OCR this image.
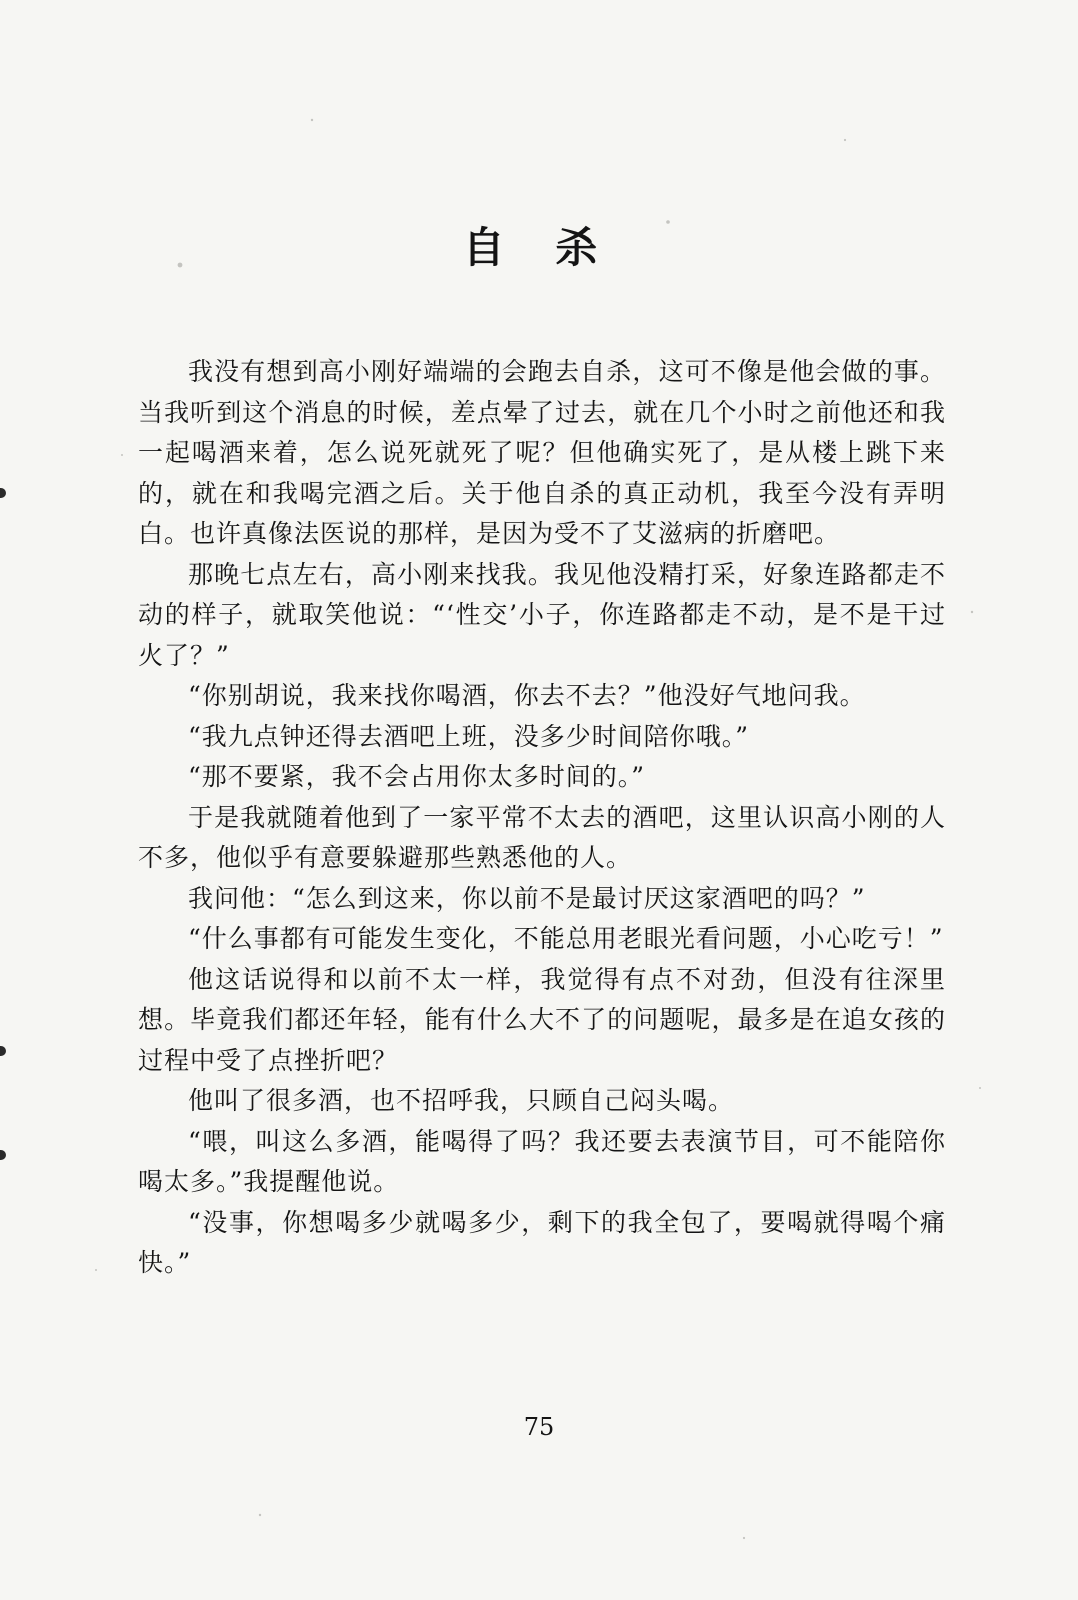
自 杀

我没有想到高小刚好端端的会跑去自杀，这可不像是他会做的事。当我听到这个消息的时候，差点晕了过去，就在几个小时之前他还和我一起喝酒来着，怎么说死就死了呢？但他确实死了，是从楼上跳下来的，就在和我喝完酒之后。关于他自杀的真正动机，我至今没有弄明白。也许真像法医说的那样，是因为受不了艾滋病的折磨吧。

那晚七点左右，高小刚来找我。我见他没精打采，好象连路都走不动的样子，就取笑他说：“‘性交’小子，你连路都走不动，是不是干过火了？”

“你别胡说，我来找你喝酒，你去不去？”他没好气地问我。

“我九点钟还得去酒吧上班，没多少时间陪你哦。”

“那不要紧，我不会占用你太多时间的。”

于是我就随着他到了一家平常不太去的酒吧，这里认识高小刚的人不多，他似乎有意要躲避那些熟悉他的人。

我问他：“怎么到这来，你以前不是最讨厌这家酒吧的吗？”

“什么事都有可能发生变化，不能总用老眼光看问题，小心吃亏！”

他这话说得和以前不太一样，我觉得有点不对劲，但没有往深里想。毕竟我们都还年轻，能有什么大不了的问题呢，最多是在追女孩的过程中受了点挫折吧？

他叫了很多酒，也不招呼我，只顾自己闷头喝。

“喂，叫这么多酒，能喝得了吗？我还要去表演节目，可不能陪你喝太多。”我提醒他说。

“没事，你想喝多少就喝多少，剩下的我全包了，要喝就得喝个痛快。”

75
